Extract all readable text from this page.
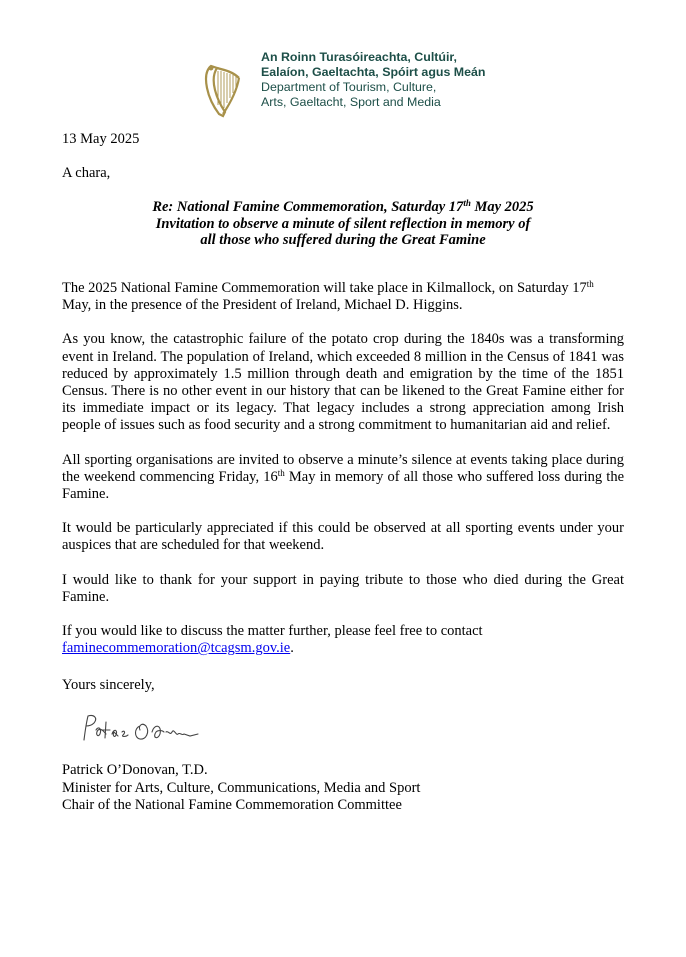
An Roinn Turasóireachta, Cultúir,
Ealaíon, Gaeltachta, Spóirt agus Meán
Department of Tourism, Culture,
Arts, Gaeltacht, Sport and Media
13 May 2025
A chara,
Re: National Famine Commemoration, Saturday 17th May 2025
Invitation to observe a minute of silent reflection in memory of
all those who suffered during the Great Famine

The 2025 National Famine Commemoration will take place in Kilmallock, on Saturday 17th May, in the presence of the President of Ireland, Michael D. Higgins.

As you know, the catastrophic failure of the potato crop during the 1840s was a transforming event in Ireland. The population of Ireland, which exceeded 8 million in the Census of 1841 was reduced by approximately 1.5 million through death and emigration by the time of the 1851 Census. There is no other event in our history that can be likened to the Great Famine either for its immediate impact or its legacy. That legacy includes a strong appreciation among Irish people of issues such as food security and a strong commitment to humanitarian aid and relief.

All sporting organisations are invited to observe a minute’s silence at events taking place during the weekend commencing Friday, 16th May in memory of all those who suffered loss during the Famine.

It would be particularly appreciated if this could be observed at all sporting events under your auspices that are scheduled for that weekend.

I would like to thank for your support in paying tribute to those who died during the Great Famine.

If you would like to discuss the matter further, please feel free to contact
faminecommemoration@tcagsm.gov.ie.

Yours sincerely,
Patrick O’Donovan, T.D.
Minister for Arts, Culture, Communications, Media and Sport
Chair of the National Famine Commemoration Committee
